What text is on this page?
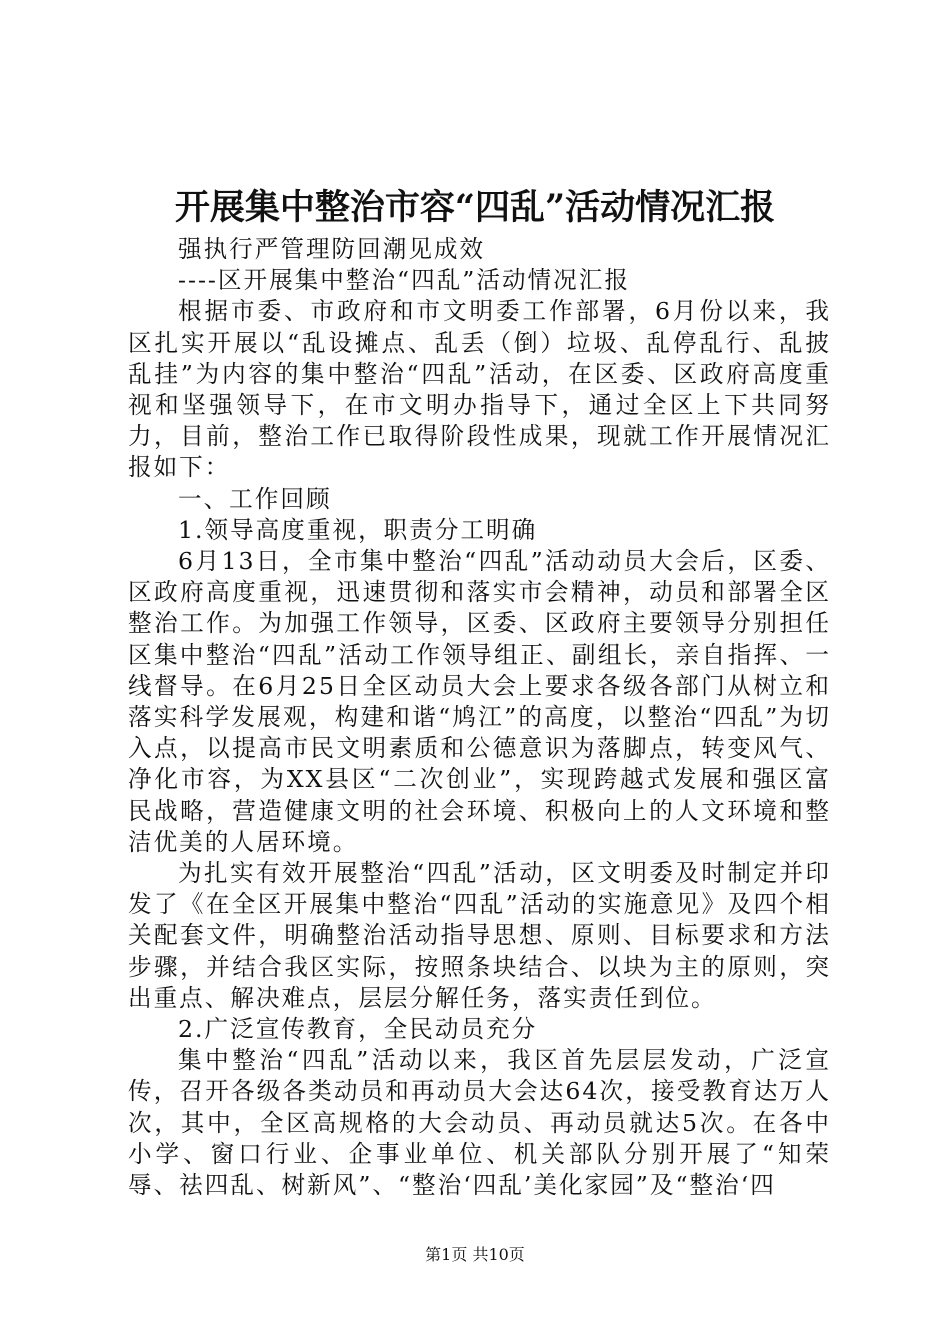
开展集中整治市容“四乱”活动情况汇报

强执行严管理防回潮见成效

----区开展集中整治“四乱”活动情况汇报

根据市委、市政府和市文明委工作部署，6月份以来，我区扎实开展以“乱设摊点、乱丢（倒）垃圾、乱停乱行、乱披乱挂”为内容的集中整治“四乱”活动，在区委、区政府高度重视和坚强领导下，在市文明办指导下，通过全区上下共同努力，目前，整治工作已取得阶段性成果，现就工作开展情况汇报如下：

一、工作回顾

1.领导高度重视，职责分工明确

6月13日，全市集中整治“四乱”活动动员大会后，区委、区政府高度重视，迅速贯彻和落实市会精神，动员和部署全区整治工作。为加强工作领导，区委、区政府主要领导分别担任区集中整治“四乱”活动工作领导组正、副组长，亲自指挥、一线督导。在6月25日全区动员大会上要求各级各部门从树立和落实科学发展观，构建和谐“鸠江”的高度，以整治“四乱”为切入点，以提高市民文明素质和公德意识为落脚点，转变风气、净化市容，为XX县区“二次创业”，实现跨越式发展和强区富民战略，营造健康文明的社会环境、积极向上的人文环境和整洁优美的人居环境。

为扎实有效开展整治“四乱”活动，区文明委及时制定并印发了《在全区开展集中整治“四乱”活动的实施意见》及四个相关配套文件，明确整治活动指导思想、原则、目标要求和方法步骤，并结合我区实际，按照条块结合、以块为主的原则，突出重点、解决难点，层层分解任务，落实责任到位。

2.广泛宣传教育，全民动员充分

集中整治“四乱”活动以来，我区首先层层发动，广泛宣传，召开各级各类动员和再动员大会达64次，接受教育达万人次，其中，全区高规格的大会动员、再动员就达5次。在各中小学、窗口行业、企事业单位、机关部队分别开展了“知荣辱、祛四乱、树新风”、“整治‘四乱’美化家园”及“整治‘四

第1页 共10页
